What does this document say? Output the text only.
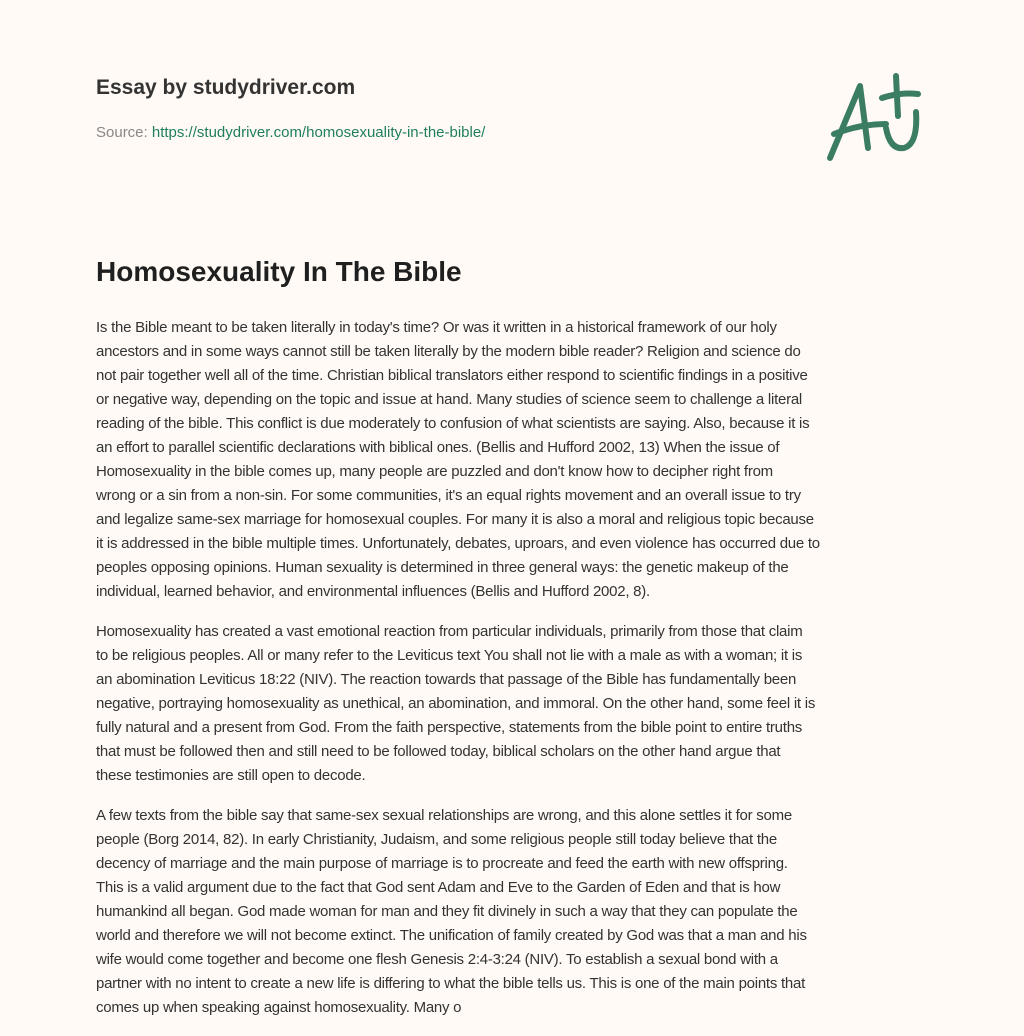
Essay by studydriver.com
Source: https://studydriver.com/homosexuality-in-the-bible/
Homosexuality In The Bible

Is the Bible meant to be taken literally in today's time? Or was it written in a historical framework of our holy
ancestors and in some ways cannot still be taken literally by the modern bible reader? Religion and science do
not pair together well all of the time. Christian biblical translators either respond to scientific findings in a positive
or negative way, depending on the topic and issue at hand. Many studies of science seem to challenge a literal
reading of the bible. This conflict is due moderately to confusion of what scientists are saying. Also, because it is
an effort to parallel scientific declarations with biblical ones. (Bellis and Hufford 2002, 13) When the issue of
Homosexuality in the bible comes up, many people are puzzled and don't know how to decipher right from
wrong or a sin from a non-sin. For some communities, it's an equal rights movement and an overall issue to try
and legalize same-sex marriage for homosexual couples. For many it is also a moral and religious topic because
it is addressed in the bible multiple times. Unfortunately, debates, uproars, and even violence has occurred due to
peoples opposing opinions. Human sexuality is determined in three general ways: the genetic makeup of the
individual, learned behavior, and environmental influences (Bellis and Hufford 2002, 8).

Homosexuality has created a vast emotional reaction from particular individuals, primarily from those that claim
to be religious peoples. All or many refer to the Leviticus text You shall not lie with a male as with a woman; it is
an abomination Leviticus 18:22 (NIV). The reaction towards that passage of the Bible has fundamentally been
negative, portraying homosexuality as unethical, an abomination, and immoral. On the other hand, some feel it is
fully natural and a present from God. From the faith perspective, statements from the bible point to entire truths
that must be followed then and still need to be followed today, biblical scholars on the other hand argue that
these testimonies are still open to decode.

A few texts from the bible say that same-sex sexual relationships are wrong, and this alone settles it for some
people (Borg 2014, 82). In early Christianity, Judaism, and some religious people still today believe that the
decency of marriage and the main purpose of marriage is to procreate and feed the earth with new offspring.
This is a valid argument due to the fact that God sent Adam and Eve to the Garden of Eden and that is how
humankind all began. God made woman for man and they fit divinely in such a way that they can populate the
world and therefore we will not become extinct. The unification of family created by God was that a man and his
wife would come together and become one flesh Genesis 2:4-3:24 (NIV). To establish a sexual bond with a
partner with no intent to create a new life is differing to what the bible tells us. This is one of the main points that
comes up when speaking against homosexuality. Many o
